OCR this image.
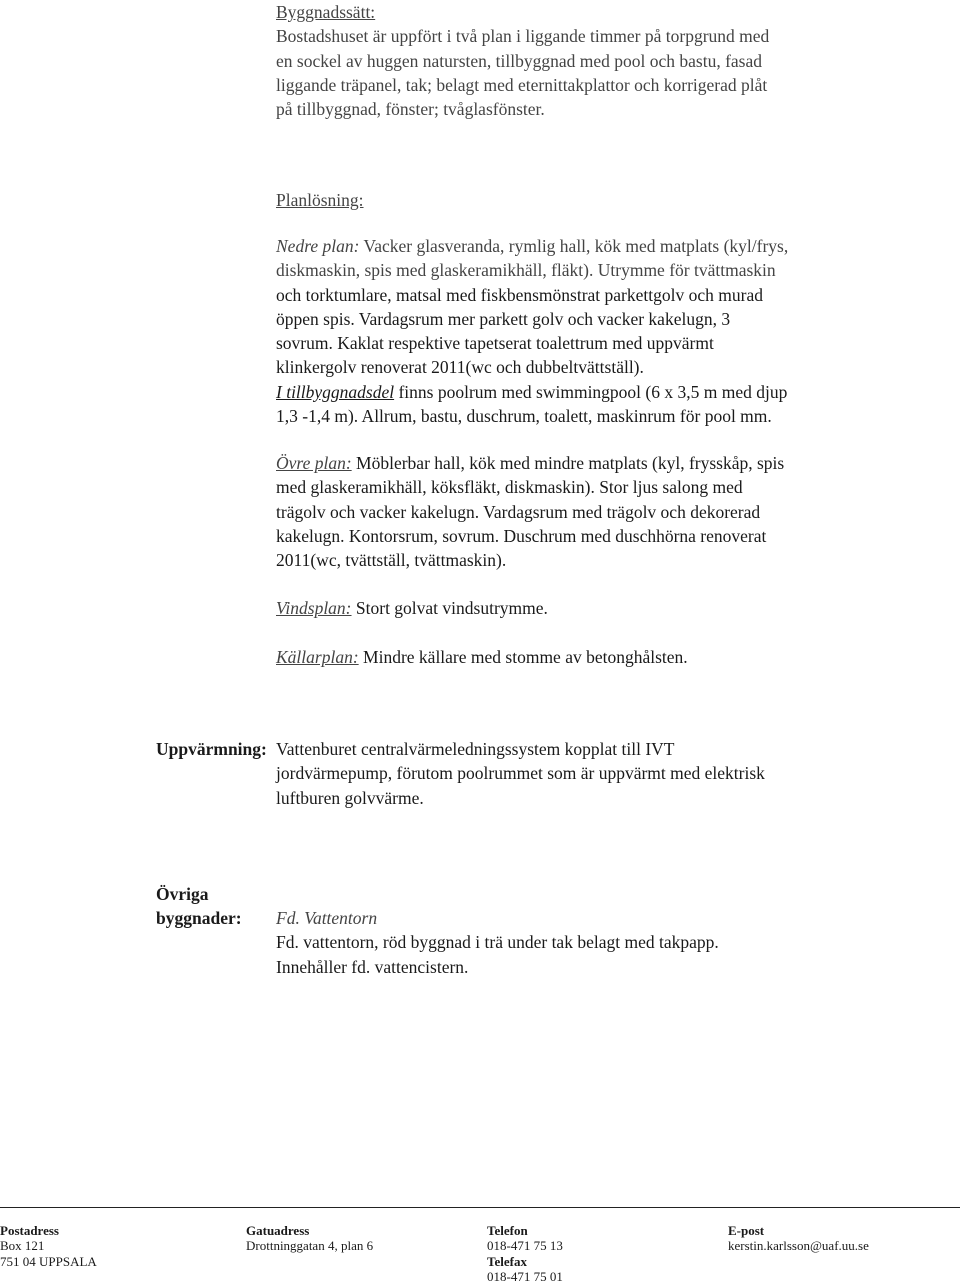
Byggnadssätt:
Bostadshuset är uppfört i två plan i liggande timmer på torpgrund med
en sockel av huggen natursten, tillbyggnad med pool och bastu, fasad
liggande träpanel, tak; belagt med eternittakplattor och korrigerad plåt
på tillbyggnad, fönster; tvåglasfönster.
Planlösning:
Nedre plan: Vacker glasveranda, rymlig hall, kök med matplats (kyl/frys,
diskmaskin, spis med glaskeramikhäll, fläkt). Utrymme för tvättmaskin
och torktumlare, matsal med fiskbensmönstrat parkettgolv och murad
öppen spis. Vardagsrum mer parkett golv och vacker kakelugn, 3
sovrum. Kaklat respektive tapetserat toalettrum med uppvärmt
klinkergolv renoverat 2011(wc och dubbeltvättställ).
I tillbyggnadsdel finns poolrum med swimmingpool (6 x 3,5 m med djup
1,3 -1,4 m). Allrum, bastu, duschrum, toalett, maskinrum för pool mm.
Övre plan: Möblerbar hall, kök med mindre matplats (kyl, frysskåp, spis
med glaskeramikhäll, köksfläkt, diskmaskin). Stor ljus salong med
trägolv och vacker kakelugn. Vardagsrum med trägolv och dekorerad
kakelugn. Kontorsrum, sovrum. Duschrum med duschhörna renoverat
2011(wc, tvättställ, tvättmaskin).
Vindsplan: Stort golvat vindsutrymme.
Källarplan: Mindre källare med stomme av betonghålsten.
Uppvärmning: Vattenburet centralvärmeledningssystem kopplat till IVT
jordvärmepump, förutom poolrummet som är uppvärmt med elektrisk
luftburen golvvärme.
Övriga
byggnader: Fd. Vattentorn
Fd. vattentorn, röd byggnad i trä under tak belagt med takpapp.
Innehåller fd. vattencistern.
Postadress
Box 121
751 04 UPPSALA
Gatuadress
Drottninggatan 4, plan 6
Telefon
018-471 75 13
Telefax
018-471 75 01
E-post
kerstin.karlsson@uaf.uu.se
